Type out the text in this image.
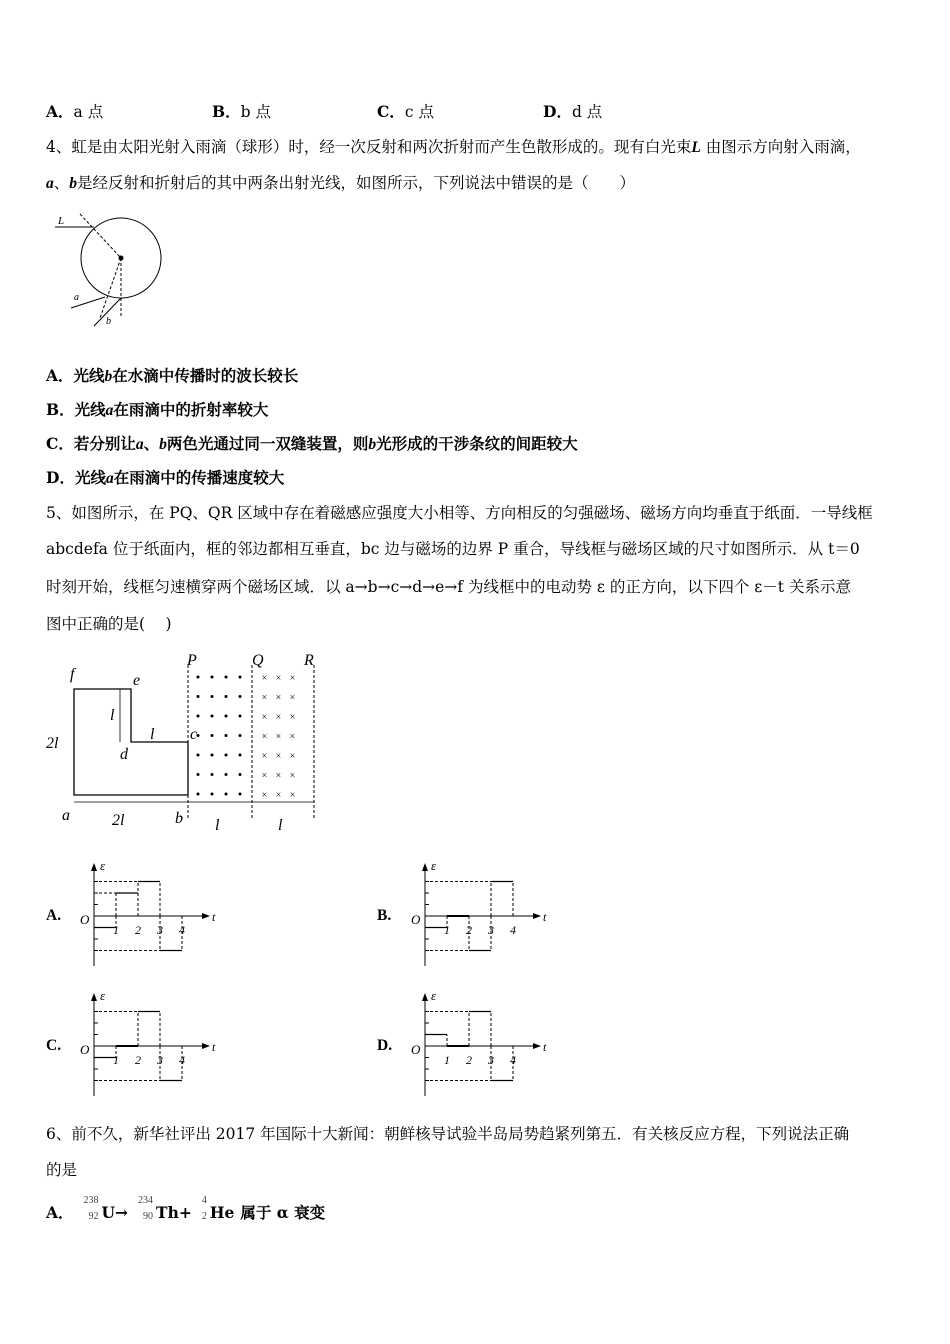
A．a 点	B．b 点	C．c 点	D．d 点
4、虹是由太阳光射入雨滴（球形）时，经一次反射和两次折射而产生色散形成的。现有白光束L 由图示方向射入雨滴，
a、b是经反射和折射后的其中两条出射光线，如图所示，下列说法中错误的是（　　）
L
a
b
A．光线b在水滴中传播时的波长较长
B．光线a在雨滴中的折射率较大
C．若分别让a、b两色光通过同一双缝装置，则b光形成的干涉条纹的间距较大
D．光线a在雨滴中的传播速度较大
5、如图所示，在 PQ、QR 区域中存在着磁感应强度大小相等、方向相反的匀强磁场、磁场方向均垂直于纸面．一导线框
abcdefa 位于纸面内，框的邻边都相互垂直，bc 边与磁场的边界 P 重合，导线框与磁场区域的尺寸如图所示．从 t＝0
时刻开始，线框匀速横穿两个磁场区域．以 a→b→c→d→e→f 为线框中的电动势 ε 的正方向，以下四个 ε－t 关系示意
图中正确的是(　 )
× × ×
× × ×
× × ×
× × ×
× × ×
× × ×
× × ×
f	e
d
c
a	b
P	Q	R
l
l
2l
2l	l	l
A.
ε
t
O
1 2 3 4
B.
ε
t
O
1 2 3 4
C.
ε
t
O
1 2 3 4
D.
ε
t
O
1 2 3 4
6、前不久，新华社评出 2017 年国际十大新闻：朝鲜核导试验半岛局势趋紧列第五．有关核反应方程，下列说法正确
的是
A．
238
92 U→
234
90 Th+
4
2 He 属于 α 衰变
